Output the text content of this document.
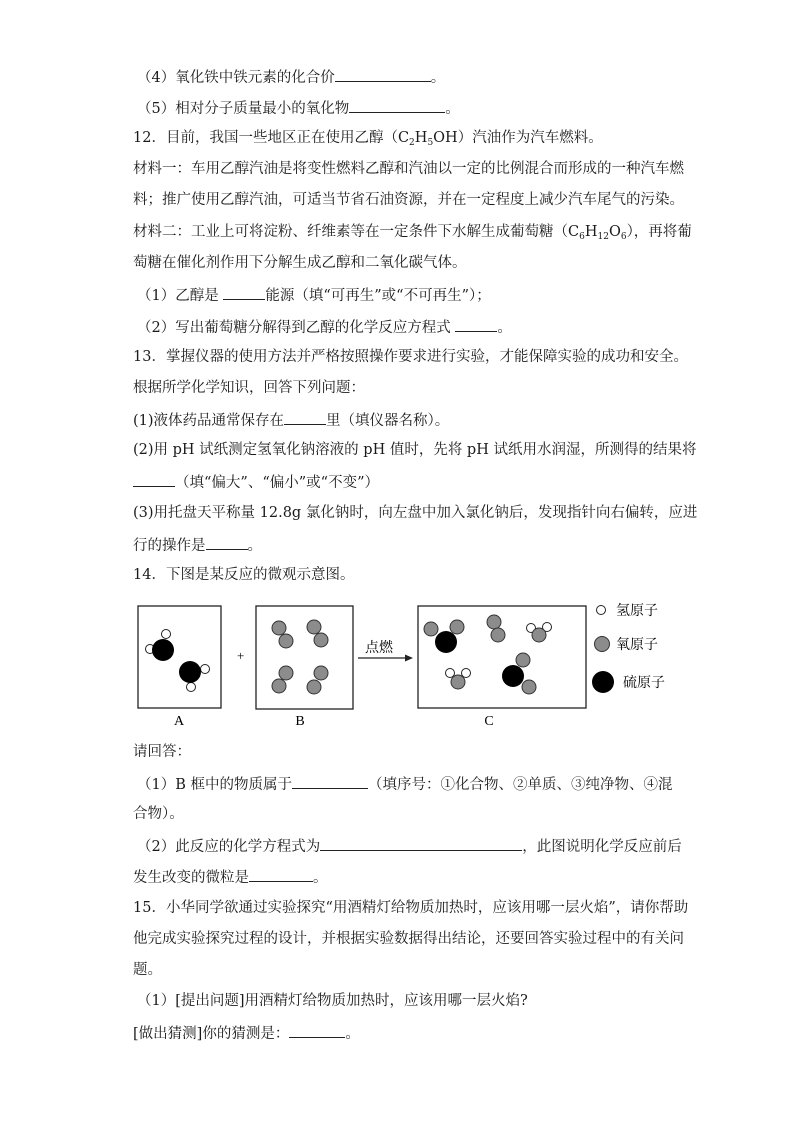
（4）氧化铁中铁元素的化合价	。
（5）相对分子质量最小的氧化物	。
12．目前，我国一些地区正在使用乙醇$(C_2H_5OH)$汽油作为汽车燃料。
材料一：车用乙醇汽油是将变性燃料乙醇和汽油以一定的比例混合而形成的一种汽车燃
料；推广使用乙醇汽油，可适当节省石油资源，并在一定程度上减少汽车尾气的污染。
材料二：工业上可将淀粉、纤维素等在一定条件下水解生成葡萄糖$(C_6H_{12}O_6)$，再将葡
萄糖在催化剂作用下分解生成乙醇和二氧化碳气体。
（1）乙醇是	能源（填“可再生”或“不可再生”）；
（2）写出葡萄糖分解得到乙醇的化学反应方程式	。
13．掌握仪器的使用方法并严格按照操作要求进行实验，才能保障实验的成功和安全。
根据所学化学知识，回答下列问题：
(1)液体药品通常保存在	里（填仪器名称）。
(2)用 pH 试纸测定氢氧化钠溶液的 pH 值时，先将 pH 试纸用水润湿，所测得的结果将
（填“偏大”、“偏小”或“不变”）
(3)用托盘天平称量 12.8g 氯化钠时，向左盘中加入氯化钠后，发现指针向右偏转，应进
行的操作是	。
14．下图是某反应的微观示意图。
+	点燃
A	B	C
氢原子
氧原子
硫原子
请回答：
（1）B 框中的物质属于	（填序号：①化合物、②单质、③纯净物、④混
合物）。
（2）此反应的化学方程式为	，此图说明化学反应前后
发生改变的微粒是	。
15．小华同学欲通过实验探究“用酒精灯给物质加热时，应该用哪一层火焰”，请你帮助
他完成实验探究过程的设计，并根据实验数据得出结论，还要回答实验过程中的有关问
题。
（1）[提出问题]用酒精灯给物质加热时，应该用哪一层火焰?
[做出猜测]你的猜测是：	。
